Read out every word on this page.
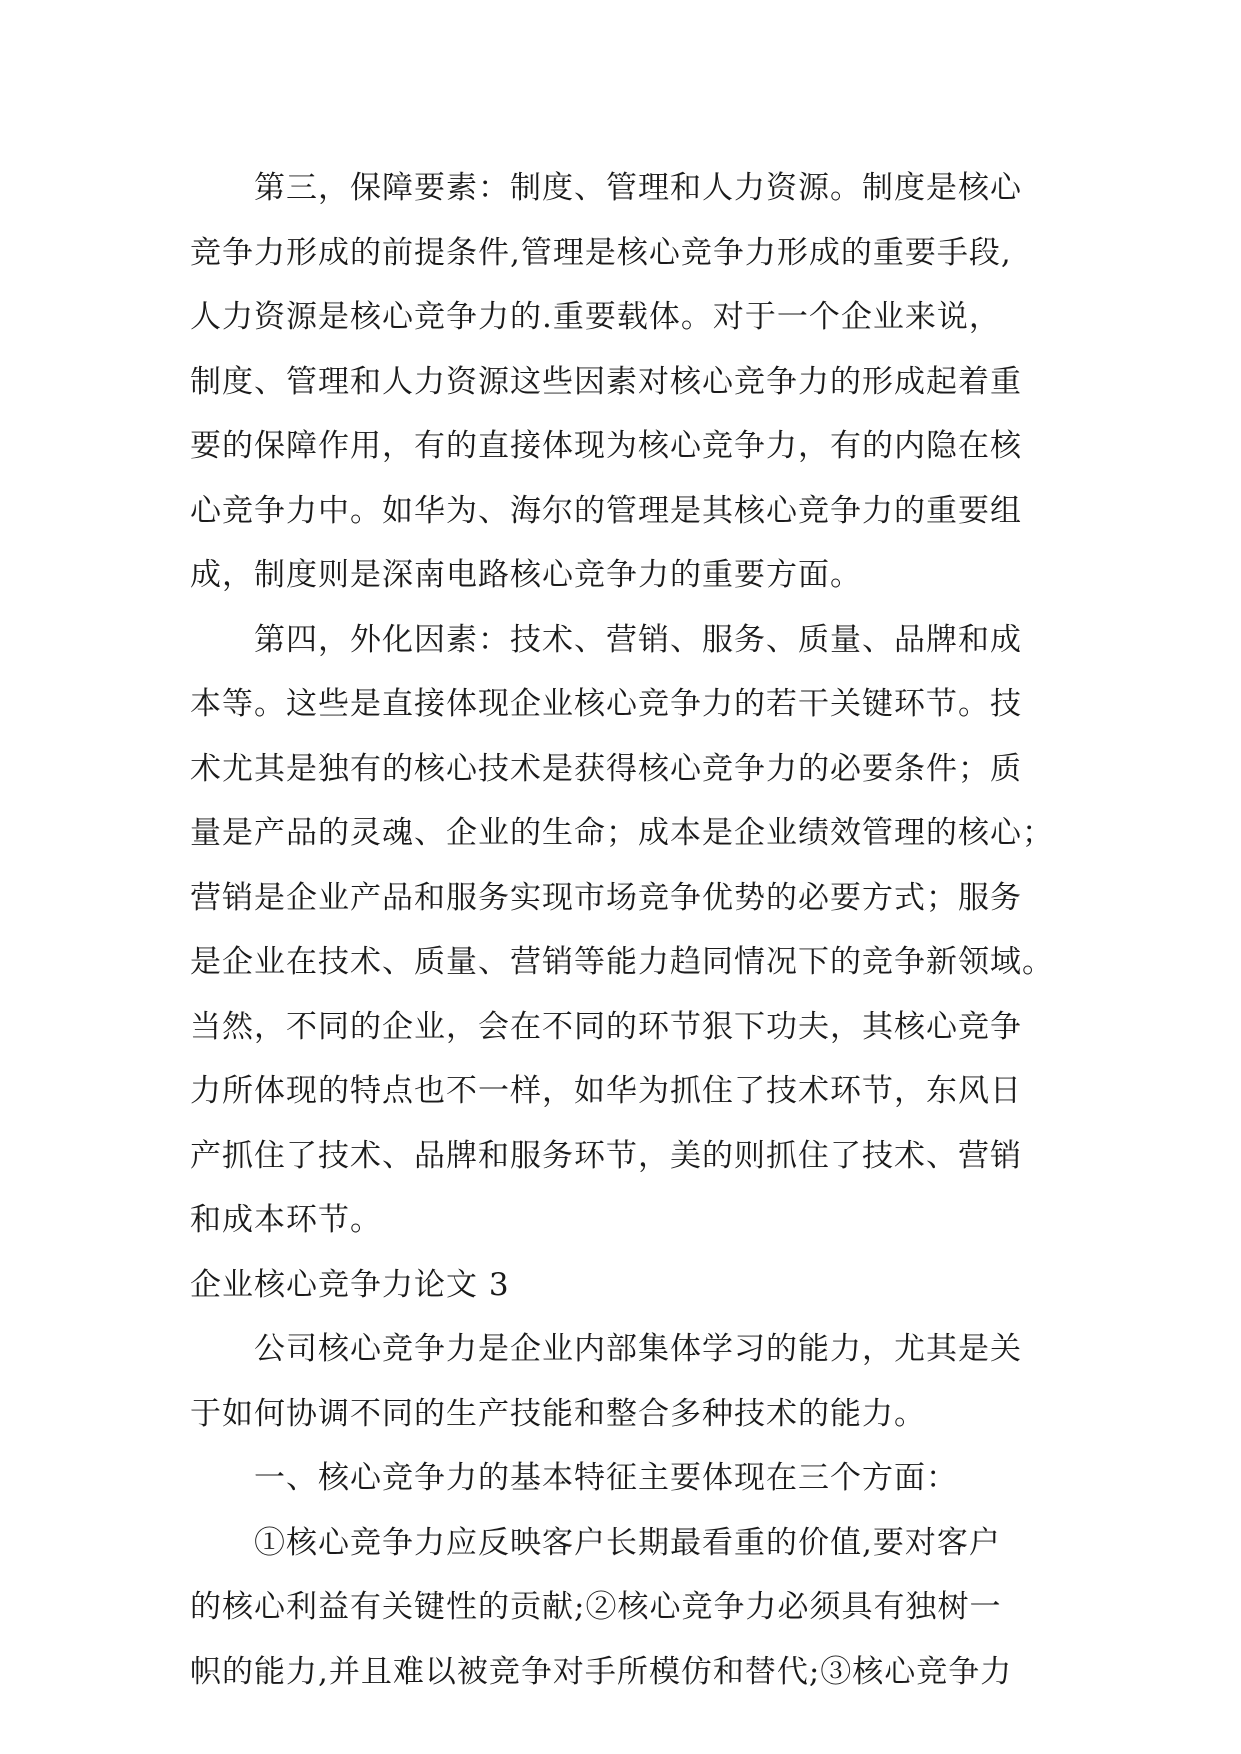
第三，保障要素：制度、管理和人力资源。制度是核心
竞争力形成的前提条件,管理是核心竞争力形成的重要手段,
人力资源是核心竞争力的.重要载体。对于一个企业来说，
制度、管理和人力资源这些因素对核心竞争力的形成起着重
要的保障作用，有的直接体现为核心竞争力，有的内隐在核
心竞争力中。如华为、海尔的管理是其核心竞争力的重要组
成，制度则是深南电路核心竞争力的重要方面。
第四，外化因素：技术、营销、服务、质量、品牌和成
本等。这些是直接体现企业核心竞争力的若干关键环节。技
术尤其是独有的核心技术是获得核心竞争力的必要条件；质
量是产品的灵魂、企业的生命；成本是企业绩效管理的核心；
营销是企业产品和服务实现市场竞争优势的必要方式；服务
是企业在技术、质量、营销等能力趋同情况下的竞争新领域。
当然，不同的企业，会在不同的环节狠下功夫，其核心竞争
力所体现的特点也不一样，如华为抓住了技术环节，东风日
产抓住了技术、品牌和服务环节，美的则抓住了技术、营销
和成本环节。
企业核心竞争力论文 3
公司核心竞争力是企业内部集体学习的能力，尤其是关
于如何协调不同的生产技能和整合多种技术的能力。
一、核心竞争力的基本特征主要体现在三个方面：
①核心竞争力应反映客户长期最看重的价值,要对客户
的核心利益有关键性的贡献;②核心竞争力必须具有独树一
帜的能力,并且难以被竞争对手所模仿和替代;③核心竞争力
